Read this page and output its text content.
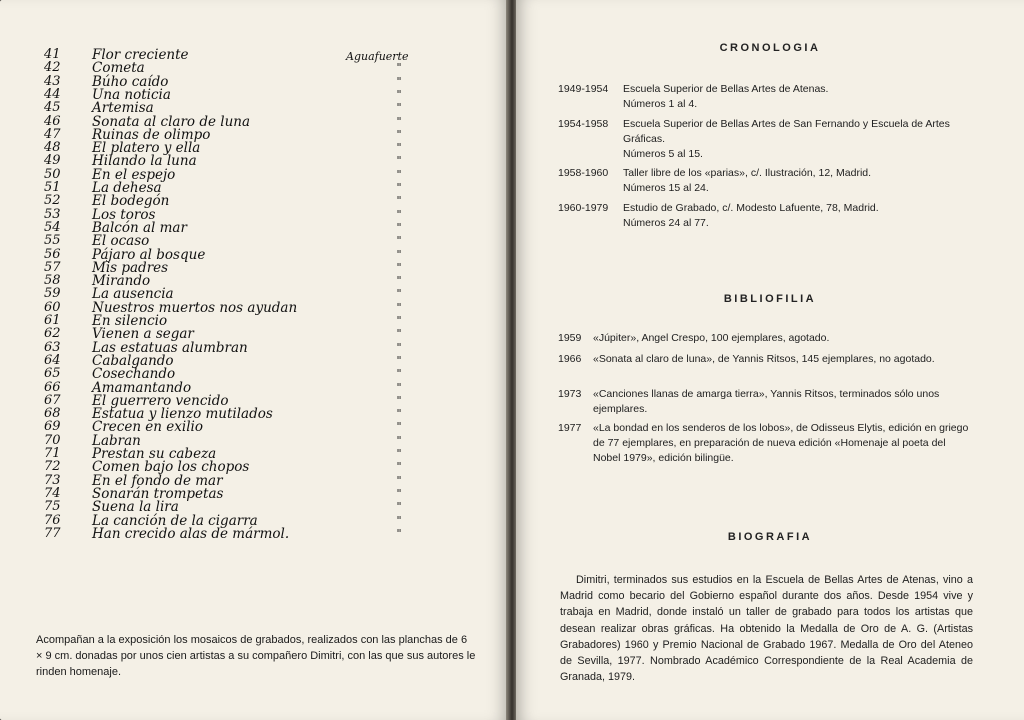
Aguafuerte
41	Flor creciente
42	Cometa	"
43	Búho caído	"
44	Una noticia	"
45	Artemisa	"
46	Sonata al claro de luna	"
47	Ruinas de olimpo	"
48	El platero y ella	"
49	Hilando la luna	"
50	En el espejo	"
51	La dehesa	"
52	El bodegón	"
53	Los toros	"
54	Balcón al mar	"
55	El ocaso	"
56	Pájaro al bosque	"
57	Mis padres	"
58	Mirando	"
59	La ausencia	"
60	Nuestros muertos nos ayudan	"
61	En silencio	"
62	Vienen a segar	"
63	Las estatuas alumbran	"
64	Cabalgando	"
65	Cosechando	"
66	Amamantando	"
67	El guerrero vencido	"
68	Estatua y lienzo mutilados	"
69	Crecen en exilio	"
70	Labran	"
71	Prestan su cabeza	"
72	Comen bajo los chopos	"
73	En el fondo de mar	"
74	Sonarán trompetas	"
75	Suena la lira	"
76	La canción de la cigarra	"
77	Han crecido alas de mármol.	"
Acompañan a la exposición los mosaicos de grabados, realizados con las planchas de 6 × 9 cm. donadas por unos cien artistas a su compañero Dimitri, con las que sus autores le rinden homenaje.
CRONOLOGIA
1949-1954 Escuela Superior de Bellas Artes de Atenas.
Números 1 al 4.
1954-1958 Escuela Superior de Bellas Artes de San Fernando y Escuela de Artes Gráficas.
Números 5 al 15.
1958-1960 Taller libre de los «parias», c/. Ilustración, 12, Madrid.
Números 15 al 24.
1960-1979 Estudio de Grabado, c/. Modesto Lafuente, 78, Madrid.
Números 24 al 77.
BIBLIOFILIA
1959 «Júpiter», Angel Crespo, 100 ejemplares, agotado.
1966 «Sonata al claro de luna», de Yannis Ritsos, 145 ejemplares, no agotado.
1973 «Canciones llanas de amarga tierra», Yannis Ritsos, terminados sólo unos ejemplares.
1977 «La bondad en los senderos de los lobos», de Odisseus Elytis, edición en griego de 77 ejemplares, en preparación de nueva edición «Homenaje al poeta del Nobel 1979», edición bilingüe.
BIOGRAFIA
Dimitri, terminados sus estudios en la Escuela de Bellas Artes de Atenas, vino a Madrid como becario del Gobierno español durante dos años. Desde 1954 vive y trabaja en Madrid, donde instaló un taller de grabado para todos los artistas que desean realizar obras gráficas. Ha obtenido la Medalla de Oro de A. G. (Artistas Grabadores) 1960 y Premio Nacional de Grabado 1967. Medalla de Oro del Ateneo de Sevilla, 1977. Nombrado Académico Correspondiente de la Real Academia de Granada, 1979.
